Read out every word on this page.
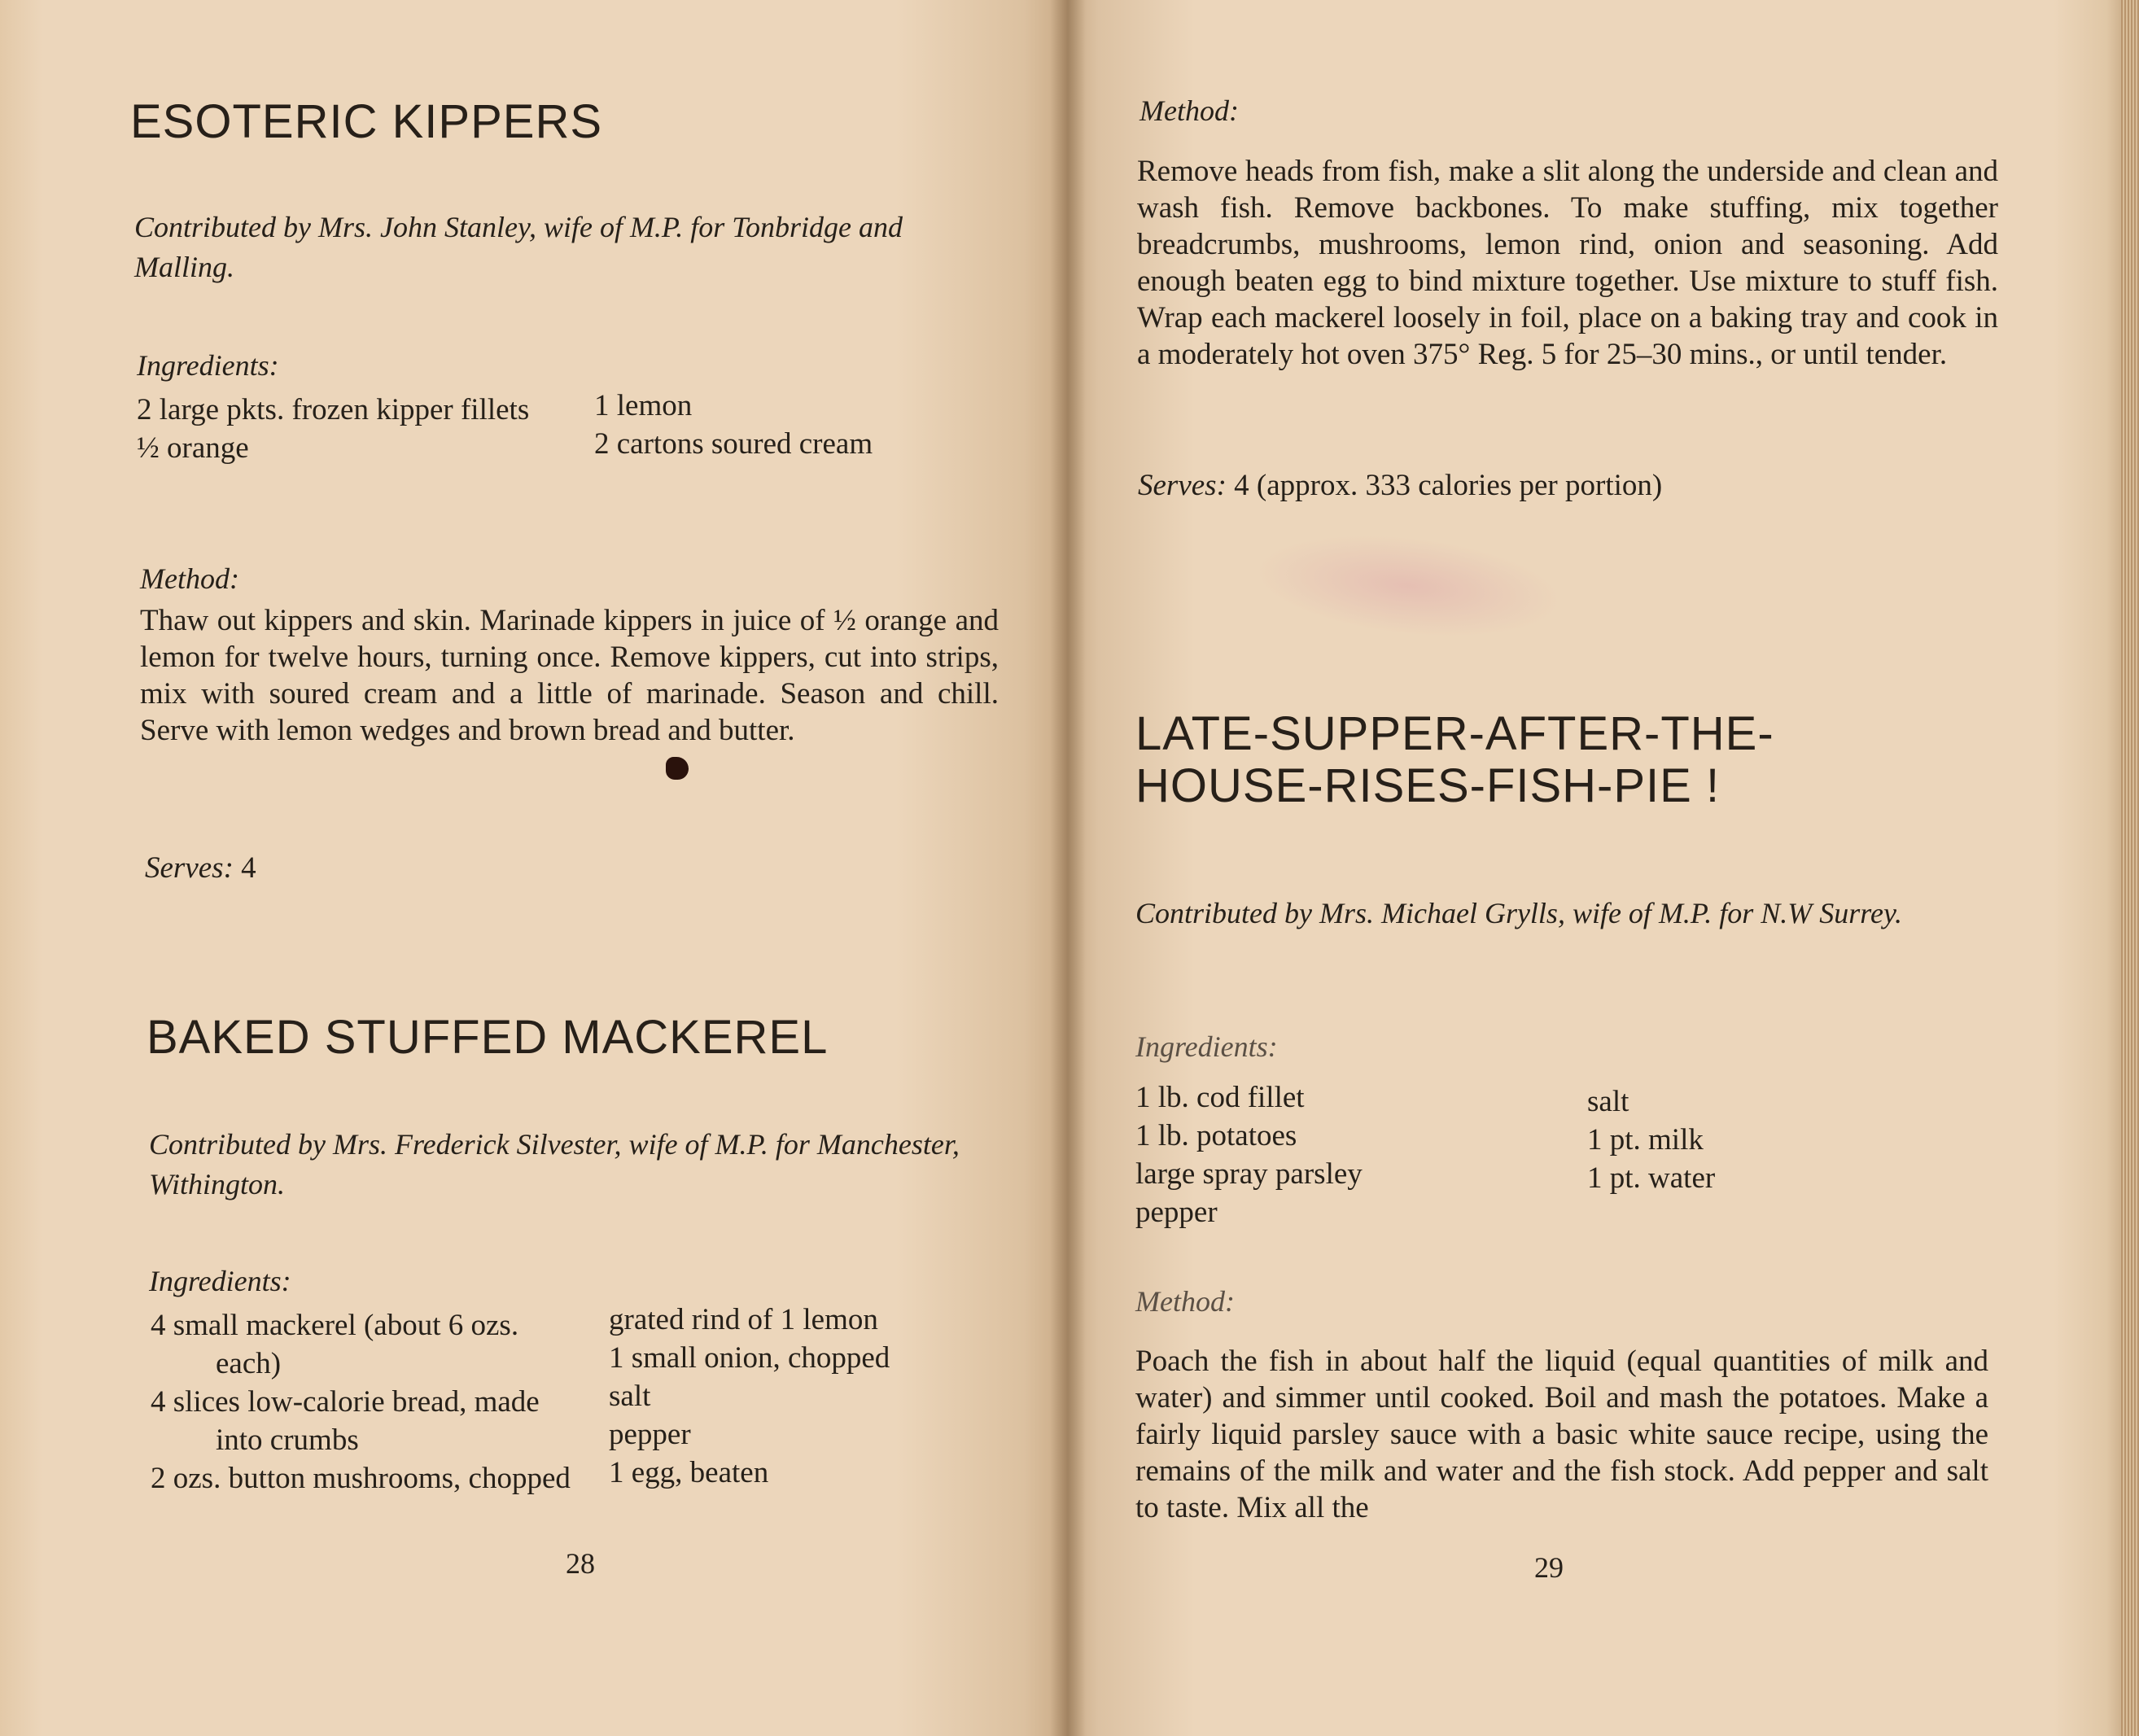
ESOTERIC KIPPERS

Contributed by Mrs. John Stanley, wife of M.P. for Tonbridge and Malling.

Ingredients:

2 large pkts. frozen kipper fillets

½ orange

1 lemon

2 cartons soured cream

Method:

Thaw out kippers and skin. Marinade kippers in juice of ½ orange and lemon for twelve hours, turning once. Remove kippers, cut into strips, mix with soured cream and a little of marinade. Season and chill. Serve with lemon wedges and brown bread and butter.

Serves: 4

BAKED STUFFED MACKEREL

Contributed by Mrs. Frederick Silvester, wife of M.P. for Manchester, Withington.

Ingredients:

4 small mackerel (about 6 ozs. each)

4 slices low-calorie bread, made into crumbs

2 ozs. button mushrooms, chopped

grated rind of 1 lemon

1 small onion, chopped

salt

pepper

1 egg, beaten

28

Method:

Remove heads from fish, make a slit along the underside and clean and wash fish. Remove backbones. To make stuffing, mix together breadcrumbs, mushrooms, lemon rind, onion and seasoning. Add enough beaten egg to bind mixture together. Use mixture to stuff fish. Wrap each mackerel loosely in foil, place on a baking tray and cook in a moderately hot oven 375° Reg. 5 for 25–30 mins., or until tender.

Serves: 4 (approx. 333 calories per portion)

LATE-SUPPER-AFTER-THE-
HOUSE-RISES-FISH-PIE !

Contributed by Mrs. Michael Grylls, wife of M.P. for N.W Surrey.

Ingredients:

1 lb. cod fillet

1 lb. potatoes

large spray parsley

pepper

salt

1 pt. milk

1 pt. water

Method:

Poach the fish in about half the liquid (equal quantities of milk and water) and simmer until cooked. Boil and mash the potatoes. Make a fairly liquid parsley sauce with a basic white sauce recipe, using the remains of the milk and water and the fish stock. Add pepper and salt to taste. Mix all the

29
